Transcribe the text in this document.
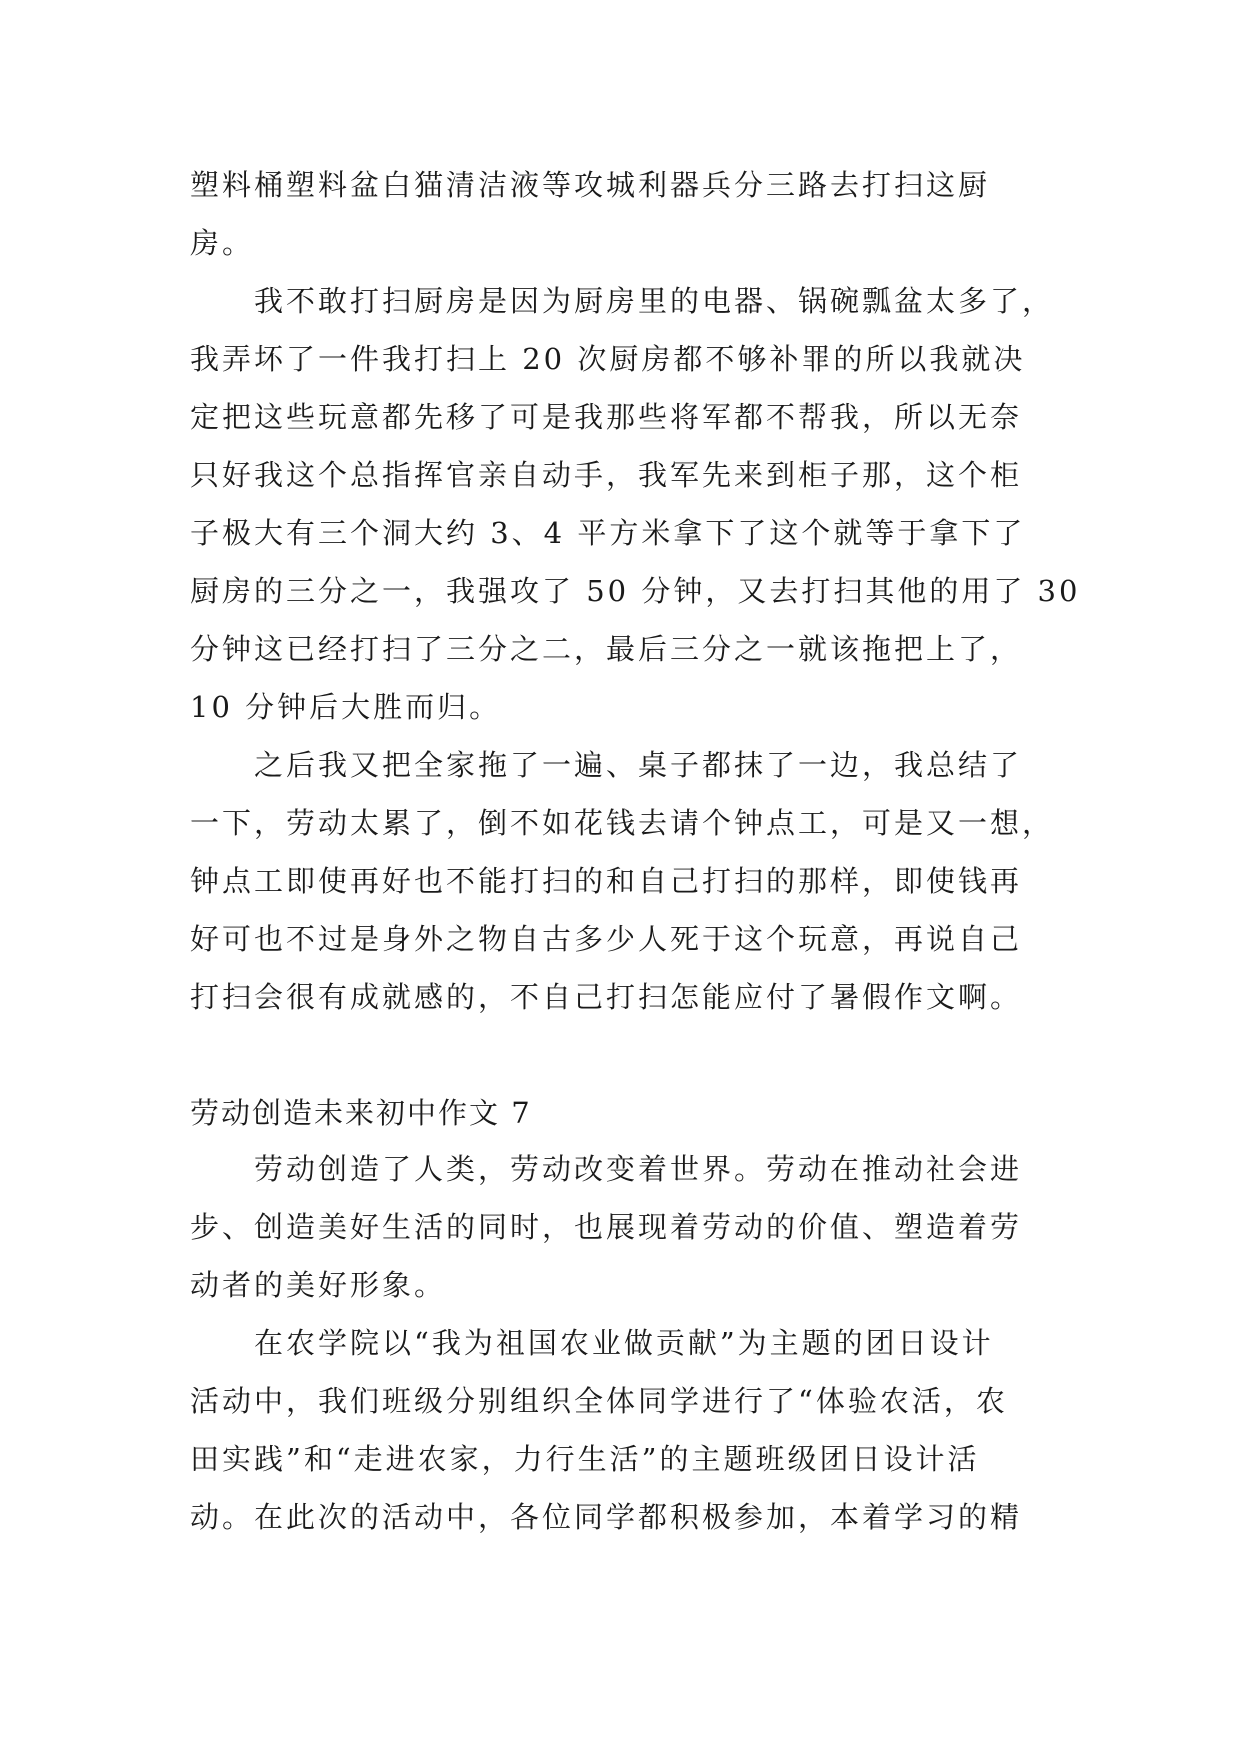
塑料桶塑料盆白猫清洁液等攻城利器兵分三路去打扫这厨
房。
　　我不敢打扫厨房是因为厨房里的电器、锅碗瓢盆太多了，
我弄坏了一件我打扫上 20 次厨房都不够补罪的所以我就决
定把这些玩意都先移了可是我那些将军都不帮我，所以无奈
只好我这个总指挥官亲自动手，我军先来到柜子那，这个柜
子极大有三个洞大约 3、4 平方米拿下了这个就等于拿下了
厨房的三分之一，我强攻了 50 分钟，又去打扫其他的用了 30
分钟这已经打扫了三分之二，最后三分之一就该拖把上了，
10 分钟后大胜而归。
　　之后我又把全家拖了一遍、桌子都抹了一边，我总结了
一下，劳动太累了，倒不如花钱去请个钟点工，可是又一想，
钟点工即使再好也不能打扫的和自己打扫的那样，即使钱再
好可也不过是身外之物自古多少人死于这个玩意，再说自己
打扫会很有成就感的，不自己打扫怎能应付了暑假作文啊。
劳动创造未来初中作文 7
　　劳动创造了人类，劳动改变着世界。劳动在推动社会进
步、创造美好生活的同时，也展现着劳动的价值、塑造着劳
动者的美好形象。
　　在农学院以“我为祖国农业做贡献”为主题的团日设计
活动中，我们班级分别组织全体同学进行了“体验农活，农
田实践”和“走进农家，力行生活”的主题班级团日设计活
动。在此次的活动中，各位同学都积极参加，本着学习的精
